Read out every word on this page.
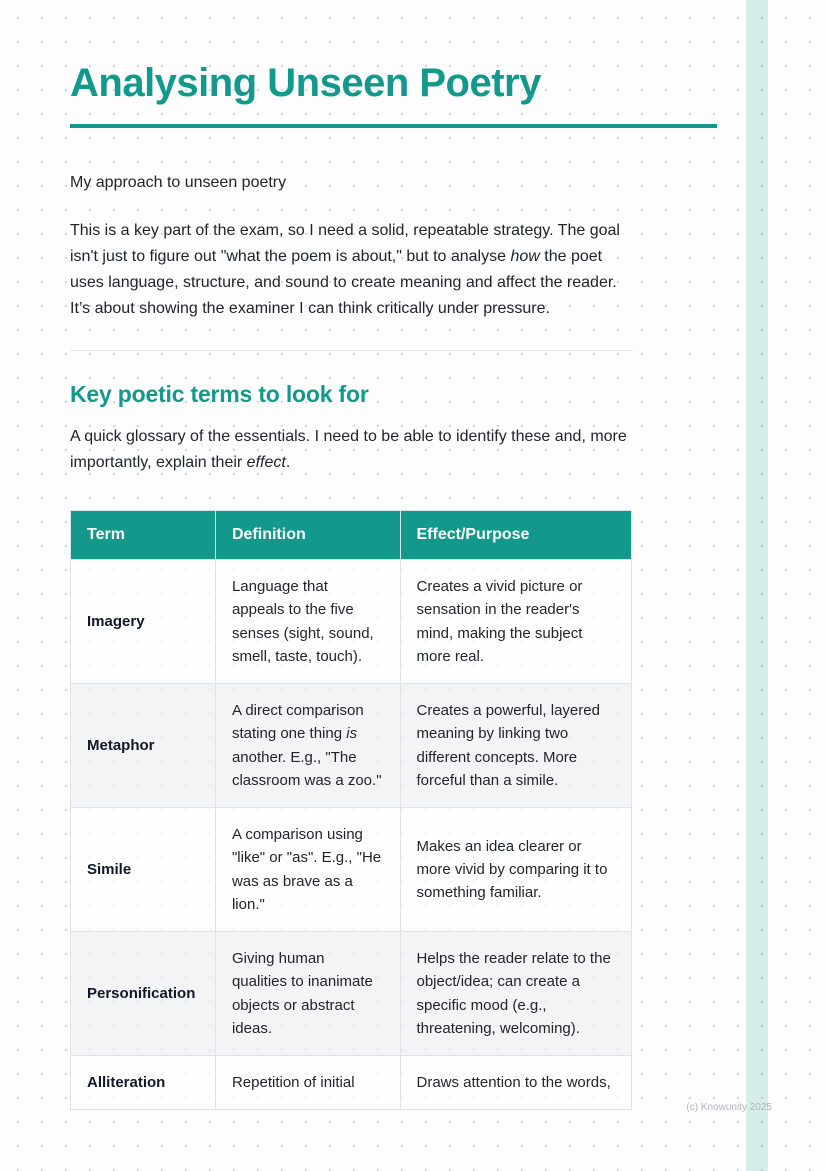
Analysing Unseen Poetry

My approach to unseen poetry

This is a key part of the exam, so I need a solid, repeatable strategy. The goal isn't just to figure out "what the poem is about," but to analyse how the poet uses language, structure, and sound to create meaning and affect the reader. It’s about showing the examiner I can think critically under pressure.

Key poetic terms to look for

A quick glossary of the essentials. I need to be able to identify these and, more importantly, explain their effect.

Term	Definition	Effect/Purpose
Imagery	Language that appeals to the five senses (sight, sound, smell, taste, touch).	Creates a vivid picture or sensation in the reader's mind, making the subject more real.
Metaphor	A direct comparison stating one thing is another. E.g., "The classroom was a zoo."	Creates a powerful, layered meaning by linking two different concepts. More forceful than a simile.
Simile	A comparison using "like" or "as". E.g., "He was as brave as a lion."	Makes an idea clearer or more vivid by comparing it to something familiar.
Personification	Giving human qualities to inanimate objects or abstract ideas.	Helps the reader relate to the object/idea; can create a specific mood (e.g., threatening, welcoming).
Alliteration	Repetition of initial	Draws attention to the words,
(c) Knowunity 2025
